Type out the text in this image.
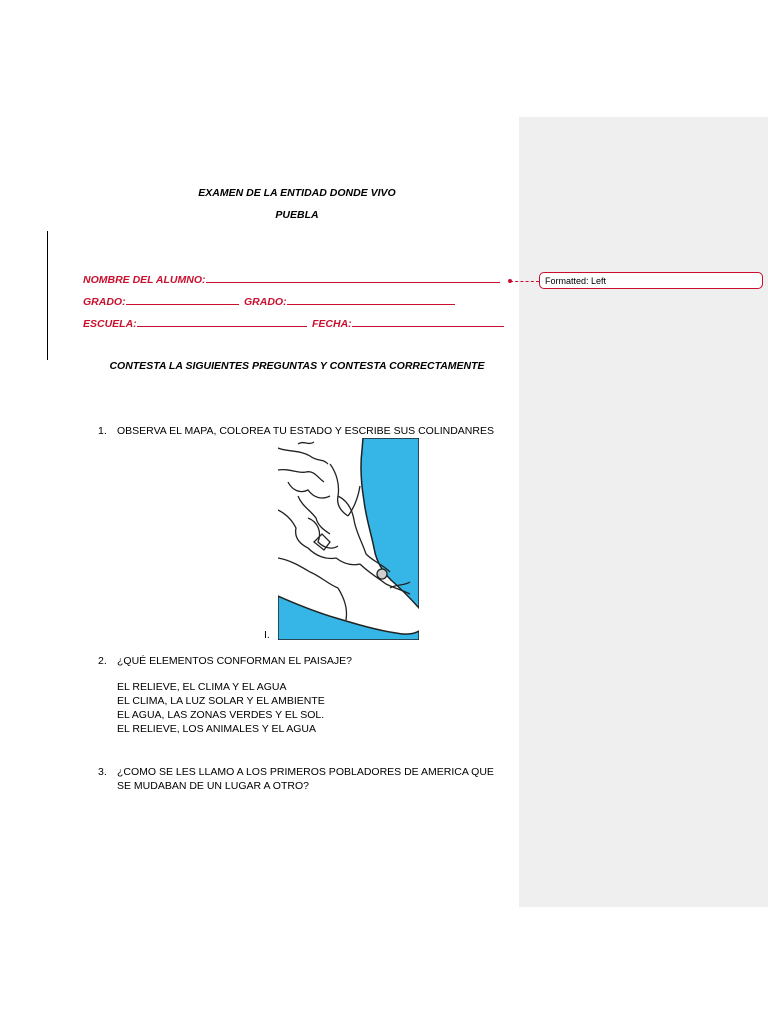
Formatted: Left
EXAMEN DE LA ENTIDAD DONDE VIVO
PUEBLA
NOMBRE DEL ALUMNO:
GRADO:	GRADO:
ESCUELA:	FECHA:
CONTESTA LA SIGUIENTES PREGUNTAS Y CONTESTA CORRECTAMENTE
1. OBSERVA EL MAPA, COLOREA TU ESTADO Y ESCRIBE SUS COLINDANRES
I.
2. ¿QUÉ ELEMENTOS CONFORMAN EL PAISAJE?
EL RELIEVE, EL CLIMA Y EL AGUA
EL CLIMA, LA LUZ SOLAR Y EL AMBIENTE
EL AGUA, LAS ZONAS VERDES Y EL SOL.
EL RELIEVE, LOS ANIMALES Y EL AGUA
3. ¿COMO SE LES LLAMO A LOS PRIMEROS POBLADORES DE AMERICA QUE
SE MUDABAN DE UN LUGAR A OTRO?
